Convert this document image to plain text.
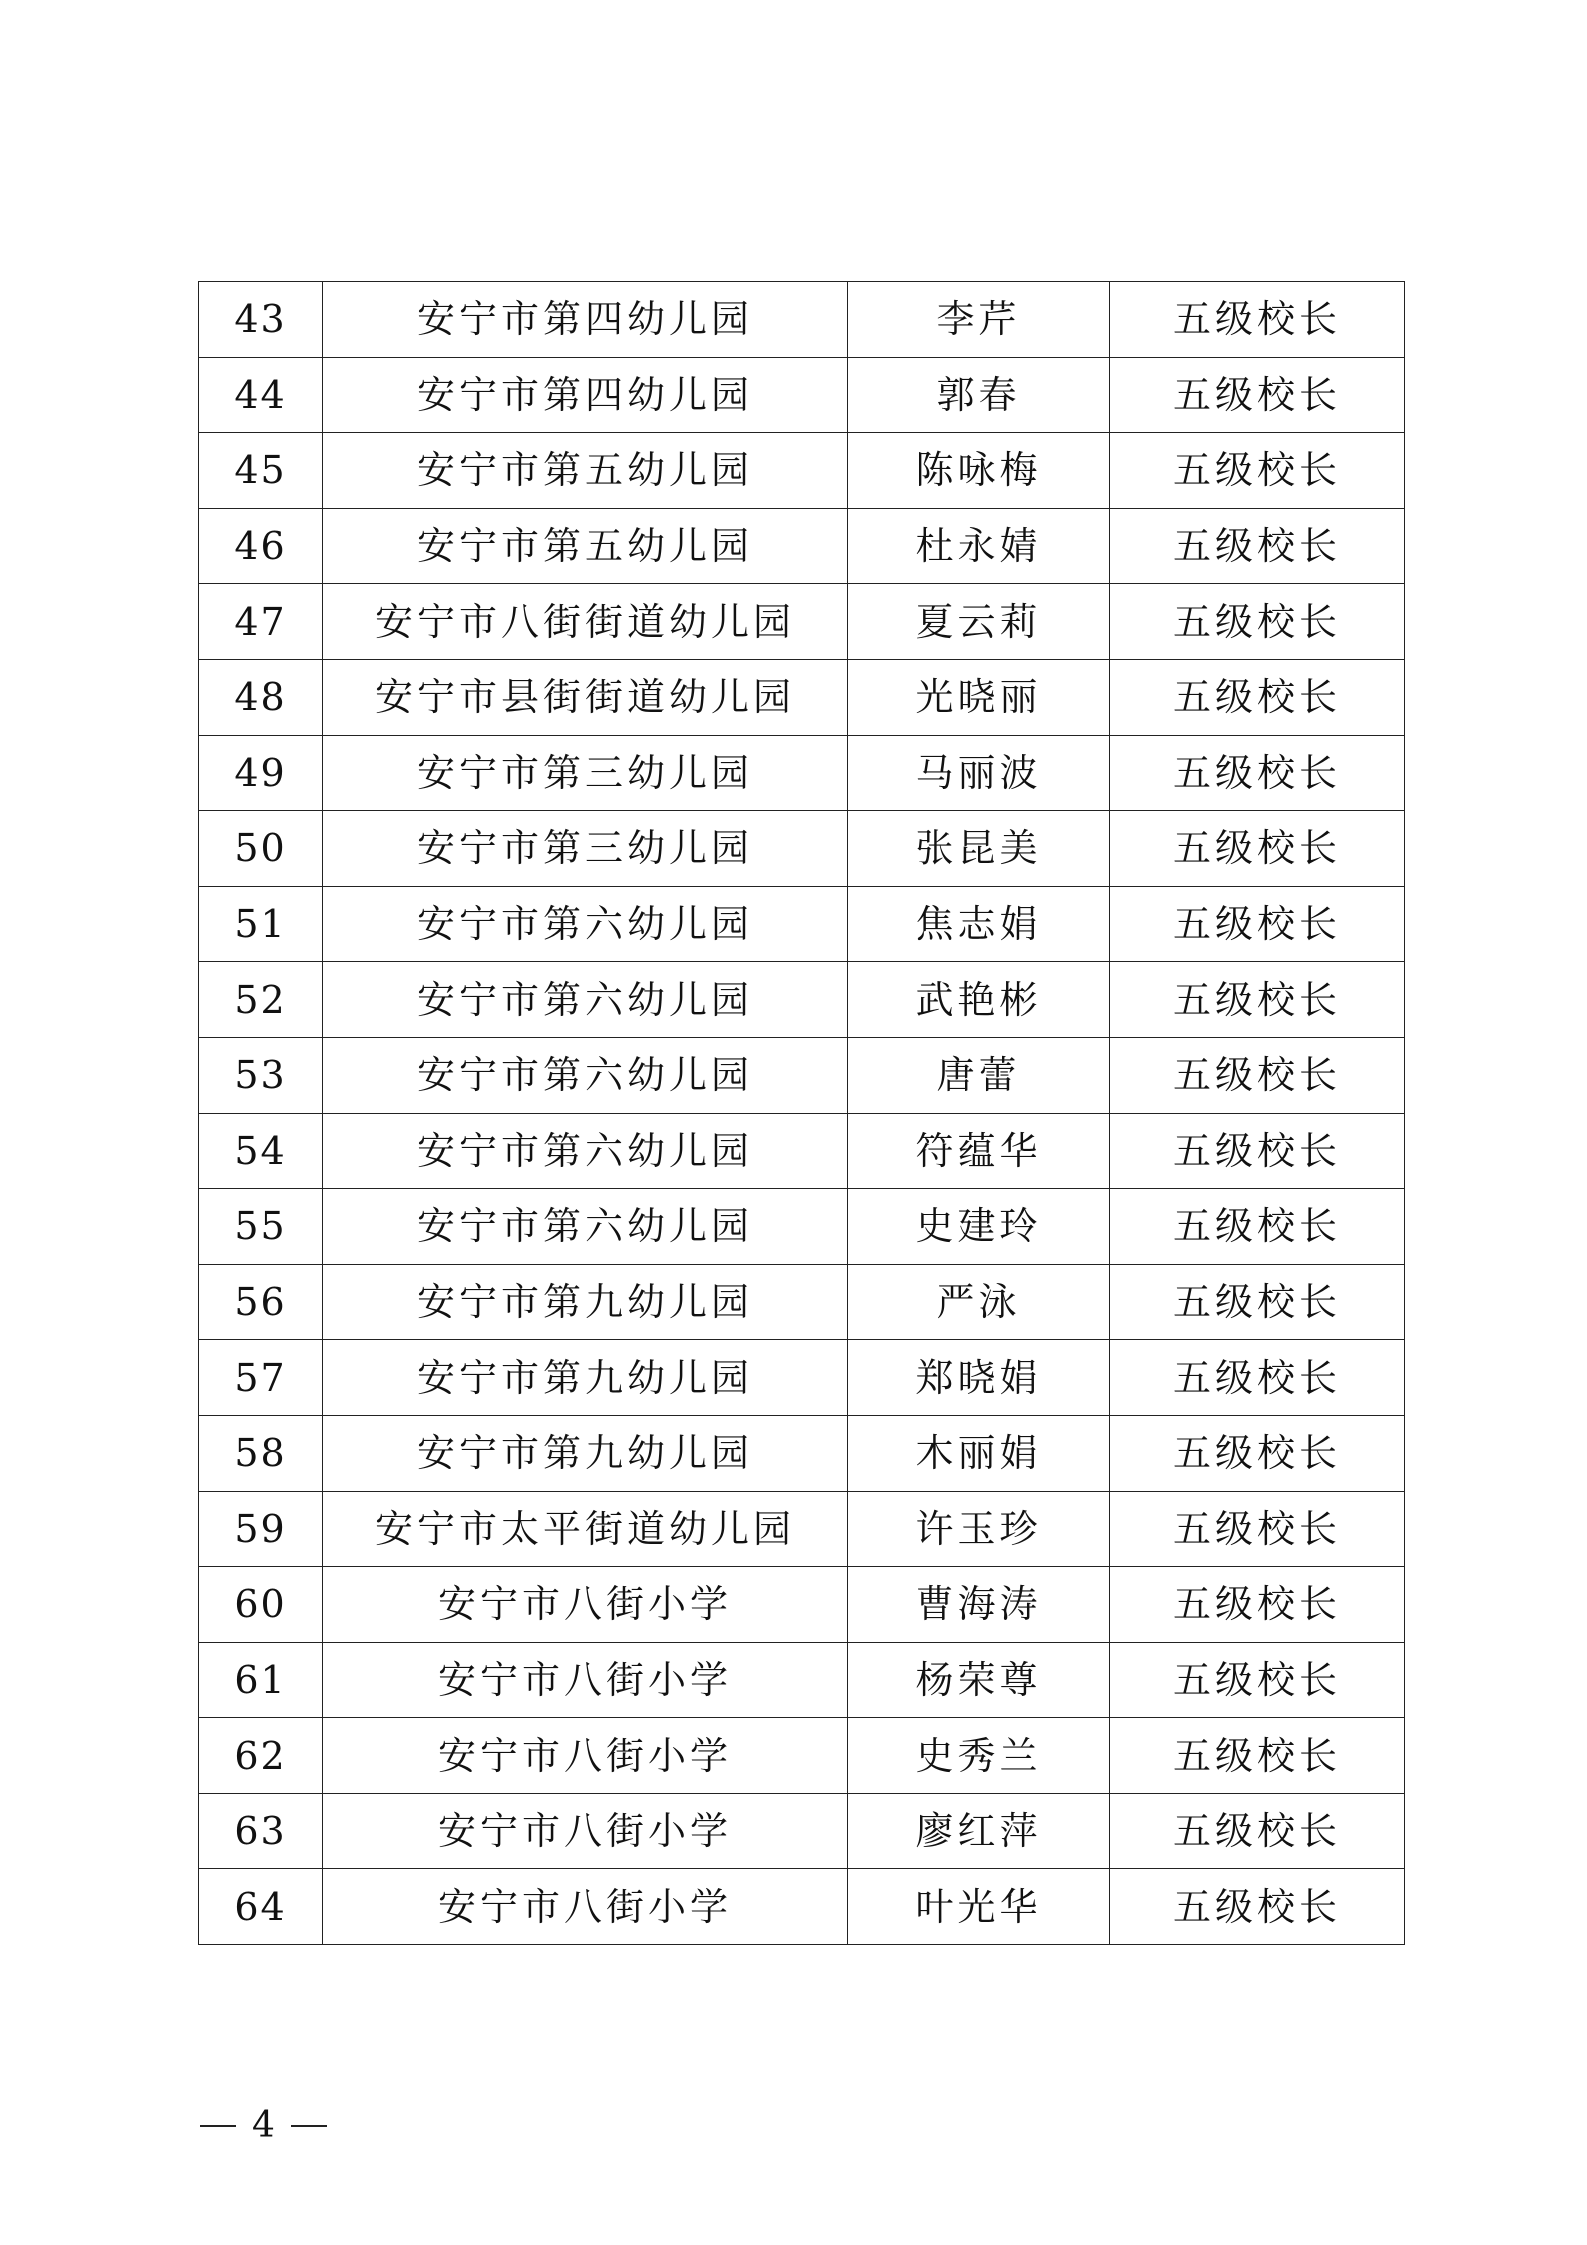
43	安宁市第四幼儿园	李芹	五级校长
44	安宁市第四幼儿园	郭春	五级校长
45	安宁市第五幼儿园	陈咏梅	五级校长
46	安宁市第五幼儿园	杜永婧	五级校长
47	安宁市八街街道幼儿园	夏云莉	五级校长
48	安宁市县街街道幼儿园	光晓丽	五级校长
49	安宁市第三幼儿园	马丽波	五级校长
50	安宁市第三幼儿园	张昆美	五级校长
51	安宁市第六幼儿园	焦志娟	五级校长
52	安宁市第六幼儿园	武艳彬	五级校长
53	安宁市第六幼儿园	唐蕾	五级校长
54	安宁市第六幼儿园	符蕴华	五级校长
55	安宁市第六幼儿园	史建玲	五级校长
56	安宁市第九幼儿园	严泳	五级校长
57	安宁市第九幼儿园	郑晓娟	五级校长
58	安宁市第九幼儿园	木丽娟	五级校长
59	安宁市太平街道幼儿园	许玉珍	五级校长
60	安宁市八街小学	曹海涛	五级校长
61	安宁市八街小学	杨荣尊	五级校长
62	安宁市八街小学	史秀兰	五级校长
63	安宁市八街小学	廖红萍	五级校长
64	安宁市八街小学	叶光华	五级校长
4
